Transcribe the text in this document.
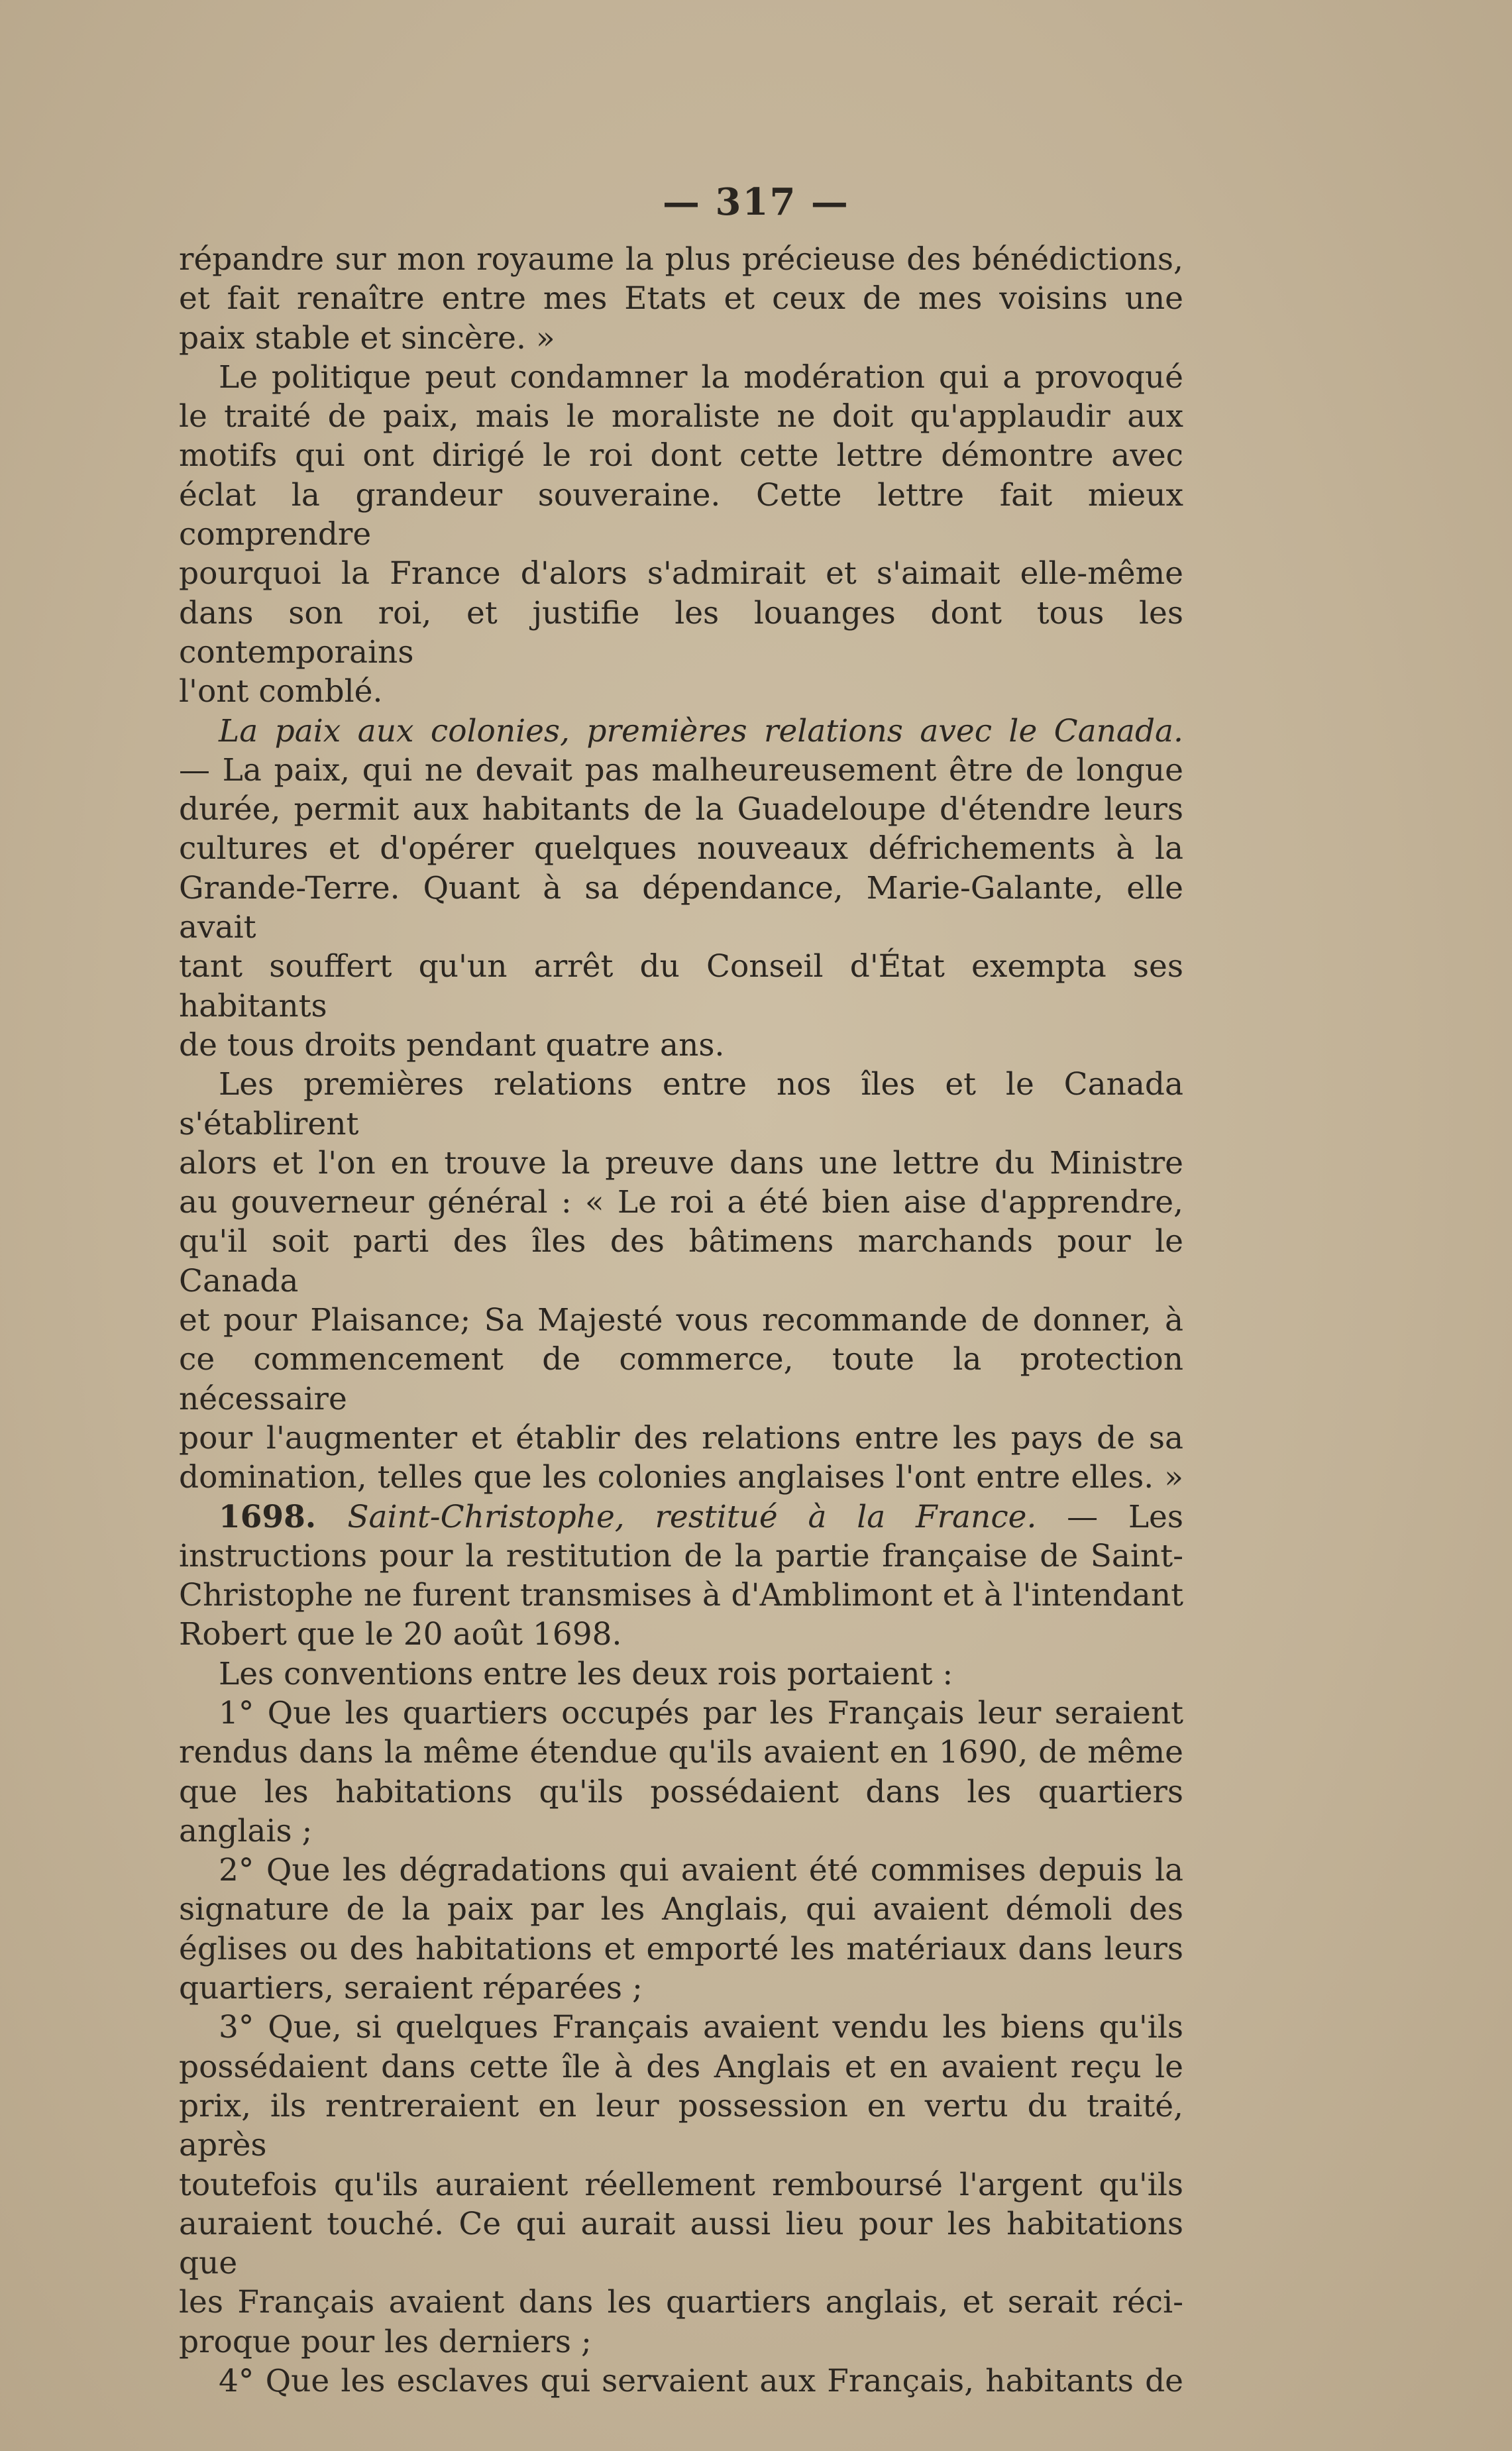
— 317 —

répandre sur mon royaume la plus précieuse des bénédictions,

et fait renaître entre mes Etats et ceux de mes voisins une

paix stable et sincère. »

Le politique peut condamner la modération qui a provoqué

le traité de paix, mais le moraliste ne doit qu'applaudir aux

motifs qui ont dirigé le roi dont cette lettre démontre avec

éclat la grandeur souveraine. Cette lettre fait mieux comprendre

pourquoi la France d'alors s'admirait et s'aimait elle-même

dans son roi, et justifie les louanges dont tous les contemporains

l'ont comblé.

La paix aux colonies, premières relations avec le Canada.

— La paix, qui ne devait pas malheureusement être de longue

durée, permit aux habitants de la Guadeloupe d'étendre leurs

cultures et d'opérer quelques nouveaux défrichements à la

Grande-Terre. Quant à sa dépendance, Marie-Galante, elle avait

tant souffert qu'un arrêt du Conseil d'État exempta ses habitants

de tous droits pendant quatre ans.

Les premières relations entre nos îles et le Canada s'établirent

alors et l'on en trouve la preuve dans une lettre du Ministre

au gouverneur général : « Le roi a été bien aise d'apprendre,

qu'il soit parti des îles des bâtimens marchands pour le Canada

et pour Plaisance; Sa Majesté vous recommande de donner, à

ce commencement de commerce, toute la protection nécessaire

pour l'augmenter et établir des relations entre les pays de sa

domination, telles que les colonies anglaises l'ont entre elles. »

1698. Saint-Christophe, restitué à la France. — Les

instructions pour la restitution de la partie française de Saint-

Christophe ne furent transmises à d'Amblimont et à l'intendant

Robert que le 20 août 1698.

Les conventions entre les deux rois portaient :

1° Que les quartiers occupés par les Français leur seraient

rendus dans la même étendue qu'ils avaient en 1690, de même

que les habitations qu'ils possédaient dans les quartiers anglais ;

2° Que les dégradations qui avaient été commises depuis la

signature de la paix par les Anglais, qui avaient démoli des

églises ou des habitations et emporté les matériaux dans leurs

quartiers, seraient réparées ;

3° Que, si quelques Français avaient vendu les biens qu'ils

possédaient dans cette île à des Anglais et en avaient reçu le

prix, ils rentreraient en leur possession en vertu du traité, après

toutefois qu'ils auraient réellement remboursé l'argent qu'ils

auraient touché. Ce qui aurait aussi lieu pour les habitations que

les Français avaient dans les quartiers anglais, et serait réci-

proque pour les derniers ;

4° Que les esclaves qui servaient aux Français, habitants de
